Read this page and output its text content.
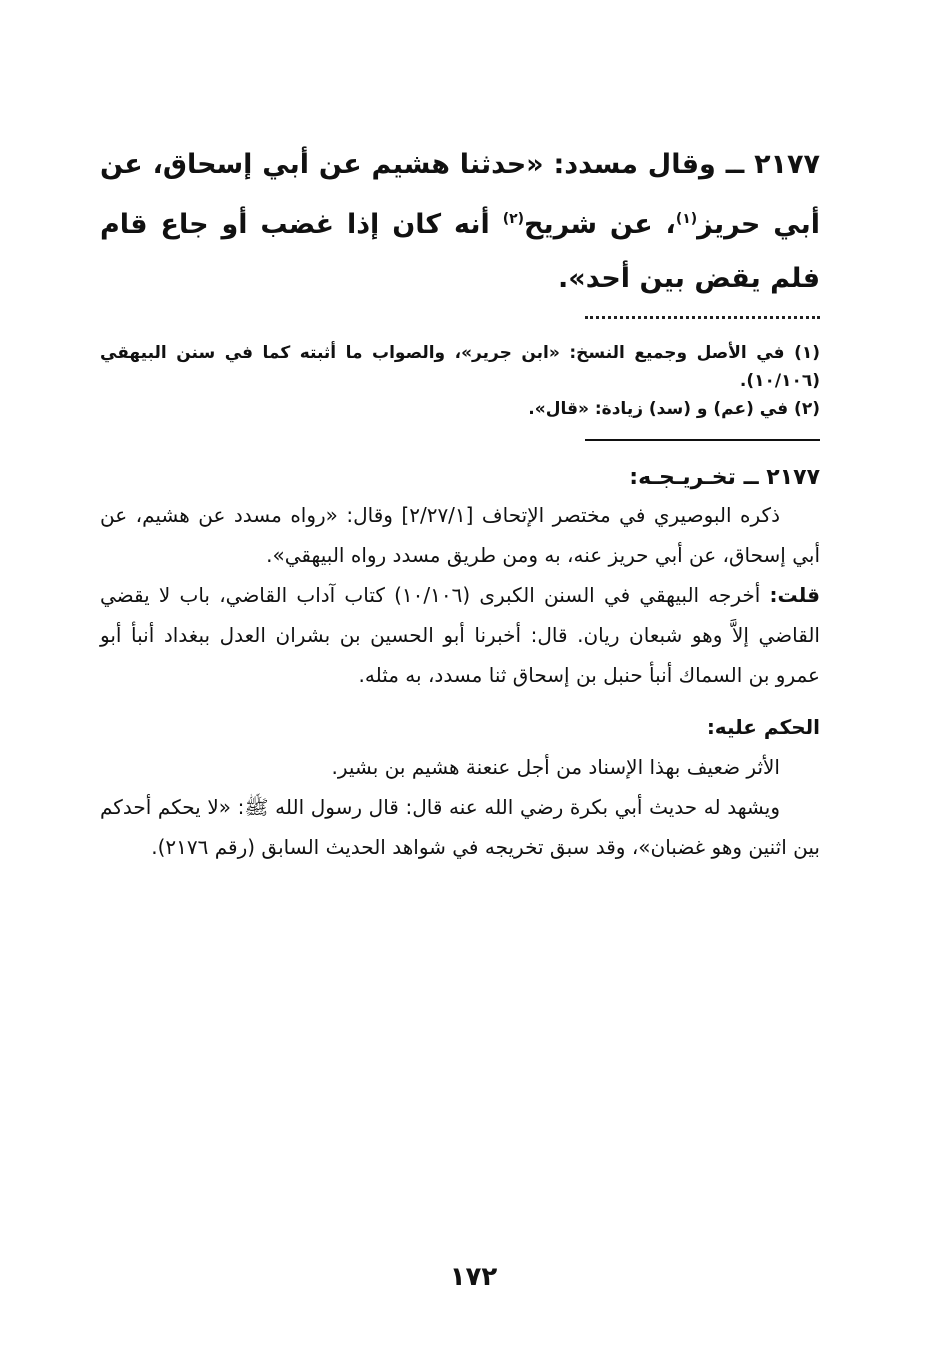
٢١٧٧ ــ وقال مسدد: «حدثنا هشيم عن أبي إسحاق، عن أبي حريز$^{(١)}$، عن شريح$^{(٢)}$ أنه كان إذا غضب أو جاع قام فلم يقض بين أحد».

(١) في الأصل وجميع النسخ: «ابن جرير»، والصواب ما أثبته كما في سنن البيهقي (١٠/١٠٦).

(٢) في (عم) و (سد) زيادة: «قال».

٢١٧٧ ــ تخـريـجـه:

ذكره البوصيري في مختصر الإتحاف [٢/٢٧/١] وقال: «رواه مسدد عن هشيم، عن أبي إسحاق، عن أبي حريز عنه، به ومن طريق مسدد رواه البيهقي».

قلت: أخرجه البيهقي في السنن الكبرى (١٠/١٠٦) كتاب آداب القاضي، باب لا يقضي القاضي إلاَّ وهو شبعان ريان. قال: أخبرنا أبو الحسين بن بشران العدل ببغداد أنبأ أبو عمرو بن السماك أنبأ حنبل بن إسحاق ثنا مسدد، به مثله.

الحكم عليه:

الأثر ضعيف بهذا الإسناد من أجل عنعنة هشيم بن بشير.

ويشهد له حديث أبي بكرة رضي الله عنه قال: قال رسول الله ﷺ: «لا يحكم أحدكم بين اثنين وهو غضبان»، وقد سبق تخريجه في شواهد الحديث السابق (رقم ٢١٧٦).

١٧٢
